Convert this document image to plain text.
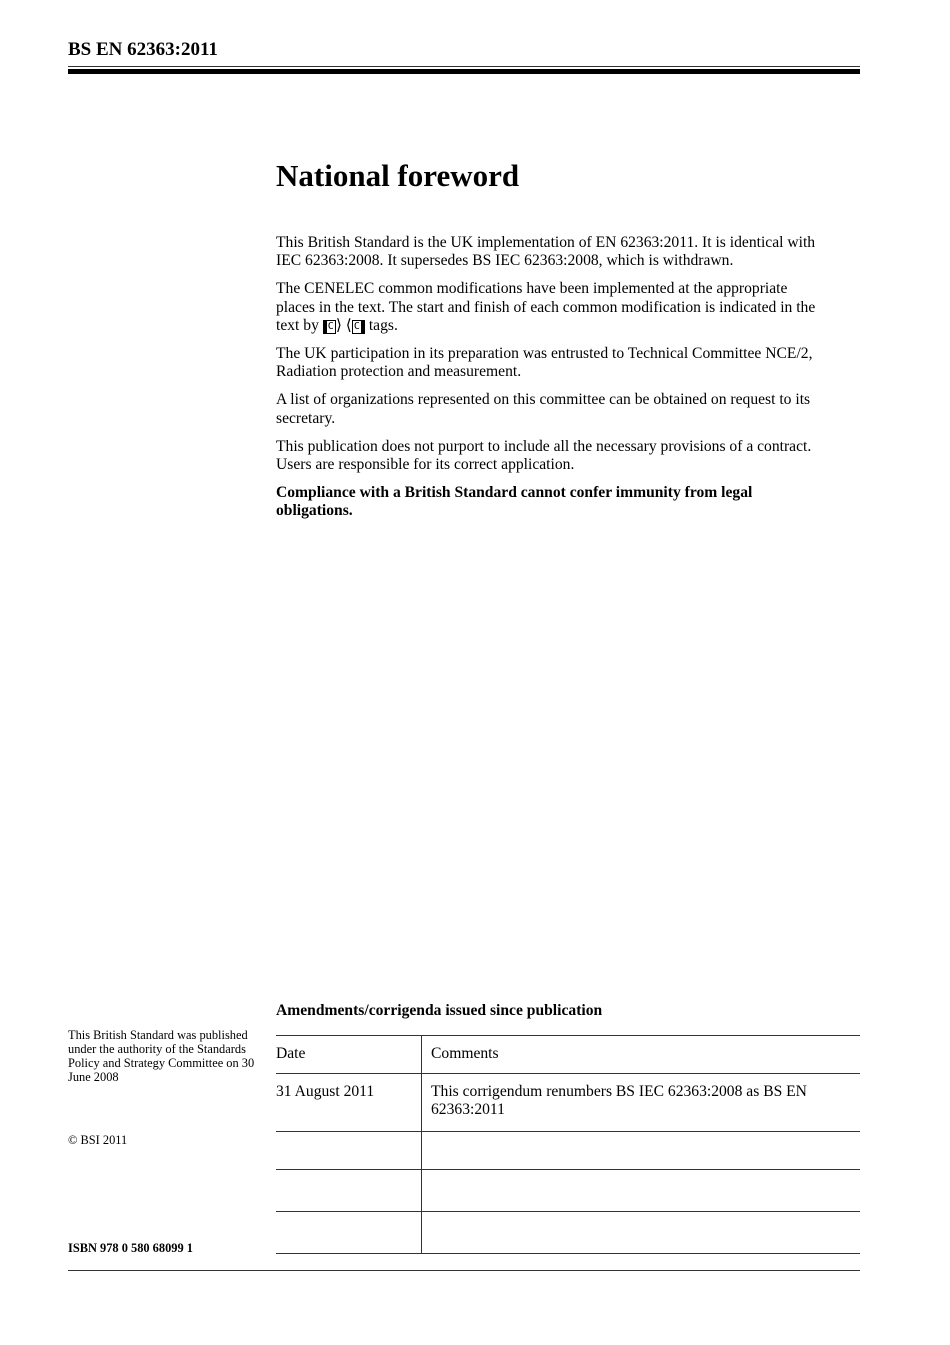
BS EN 62363:2011
National foreword

This British Standard is the UK implementation of EN 62363:2011. It is identical with IEC 62363:2008. It supersedes BS IEC 62363:2008, which is withdrawn.

The CENELEC common modifications have been implemented at the appropriate places in the text. The start and finish of each common modification is indicated in the text by C ⟩ ⟨ C tags.

The UK participation in its preparation was entrusted to Technical Committee NCE/2, Radiation protection and measurement.

A list of organizations represented on this committee can be obtained on request to its secretary.

This publication does not purport to include all the necessary provisions of a contract. Users are responsible for its correct application.

Compliance with a British Standard cannot confer immunity from legal obligations.

Amendments/corrigenda issued since publication
This British Standard was published under the authority of the Standards Policy and Strategy Committee on 30 June 2008
© BSI 2011
ISBN 978 0 580 68099 1
Date	Comments
31 August 2011	This corrigendum renumbers BS IEC 62363:2008 as BS EN 62363:2011
